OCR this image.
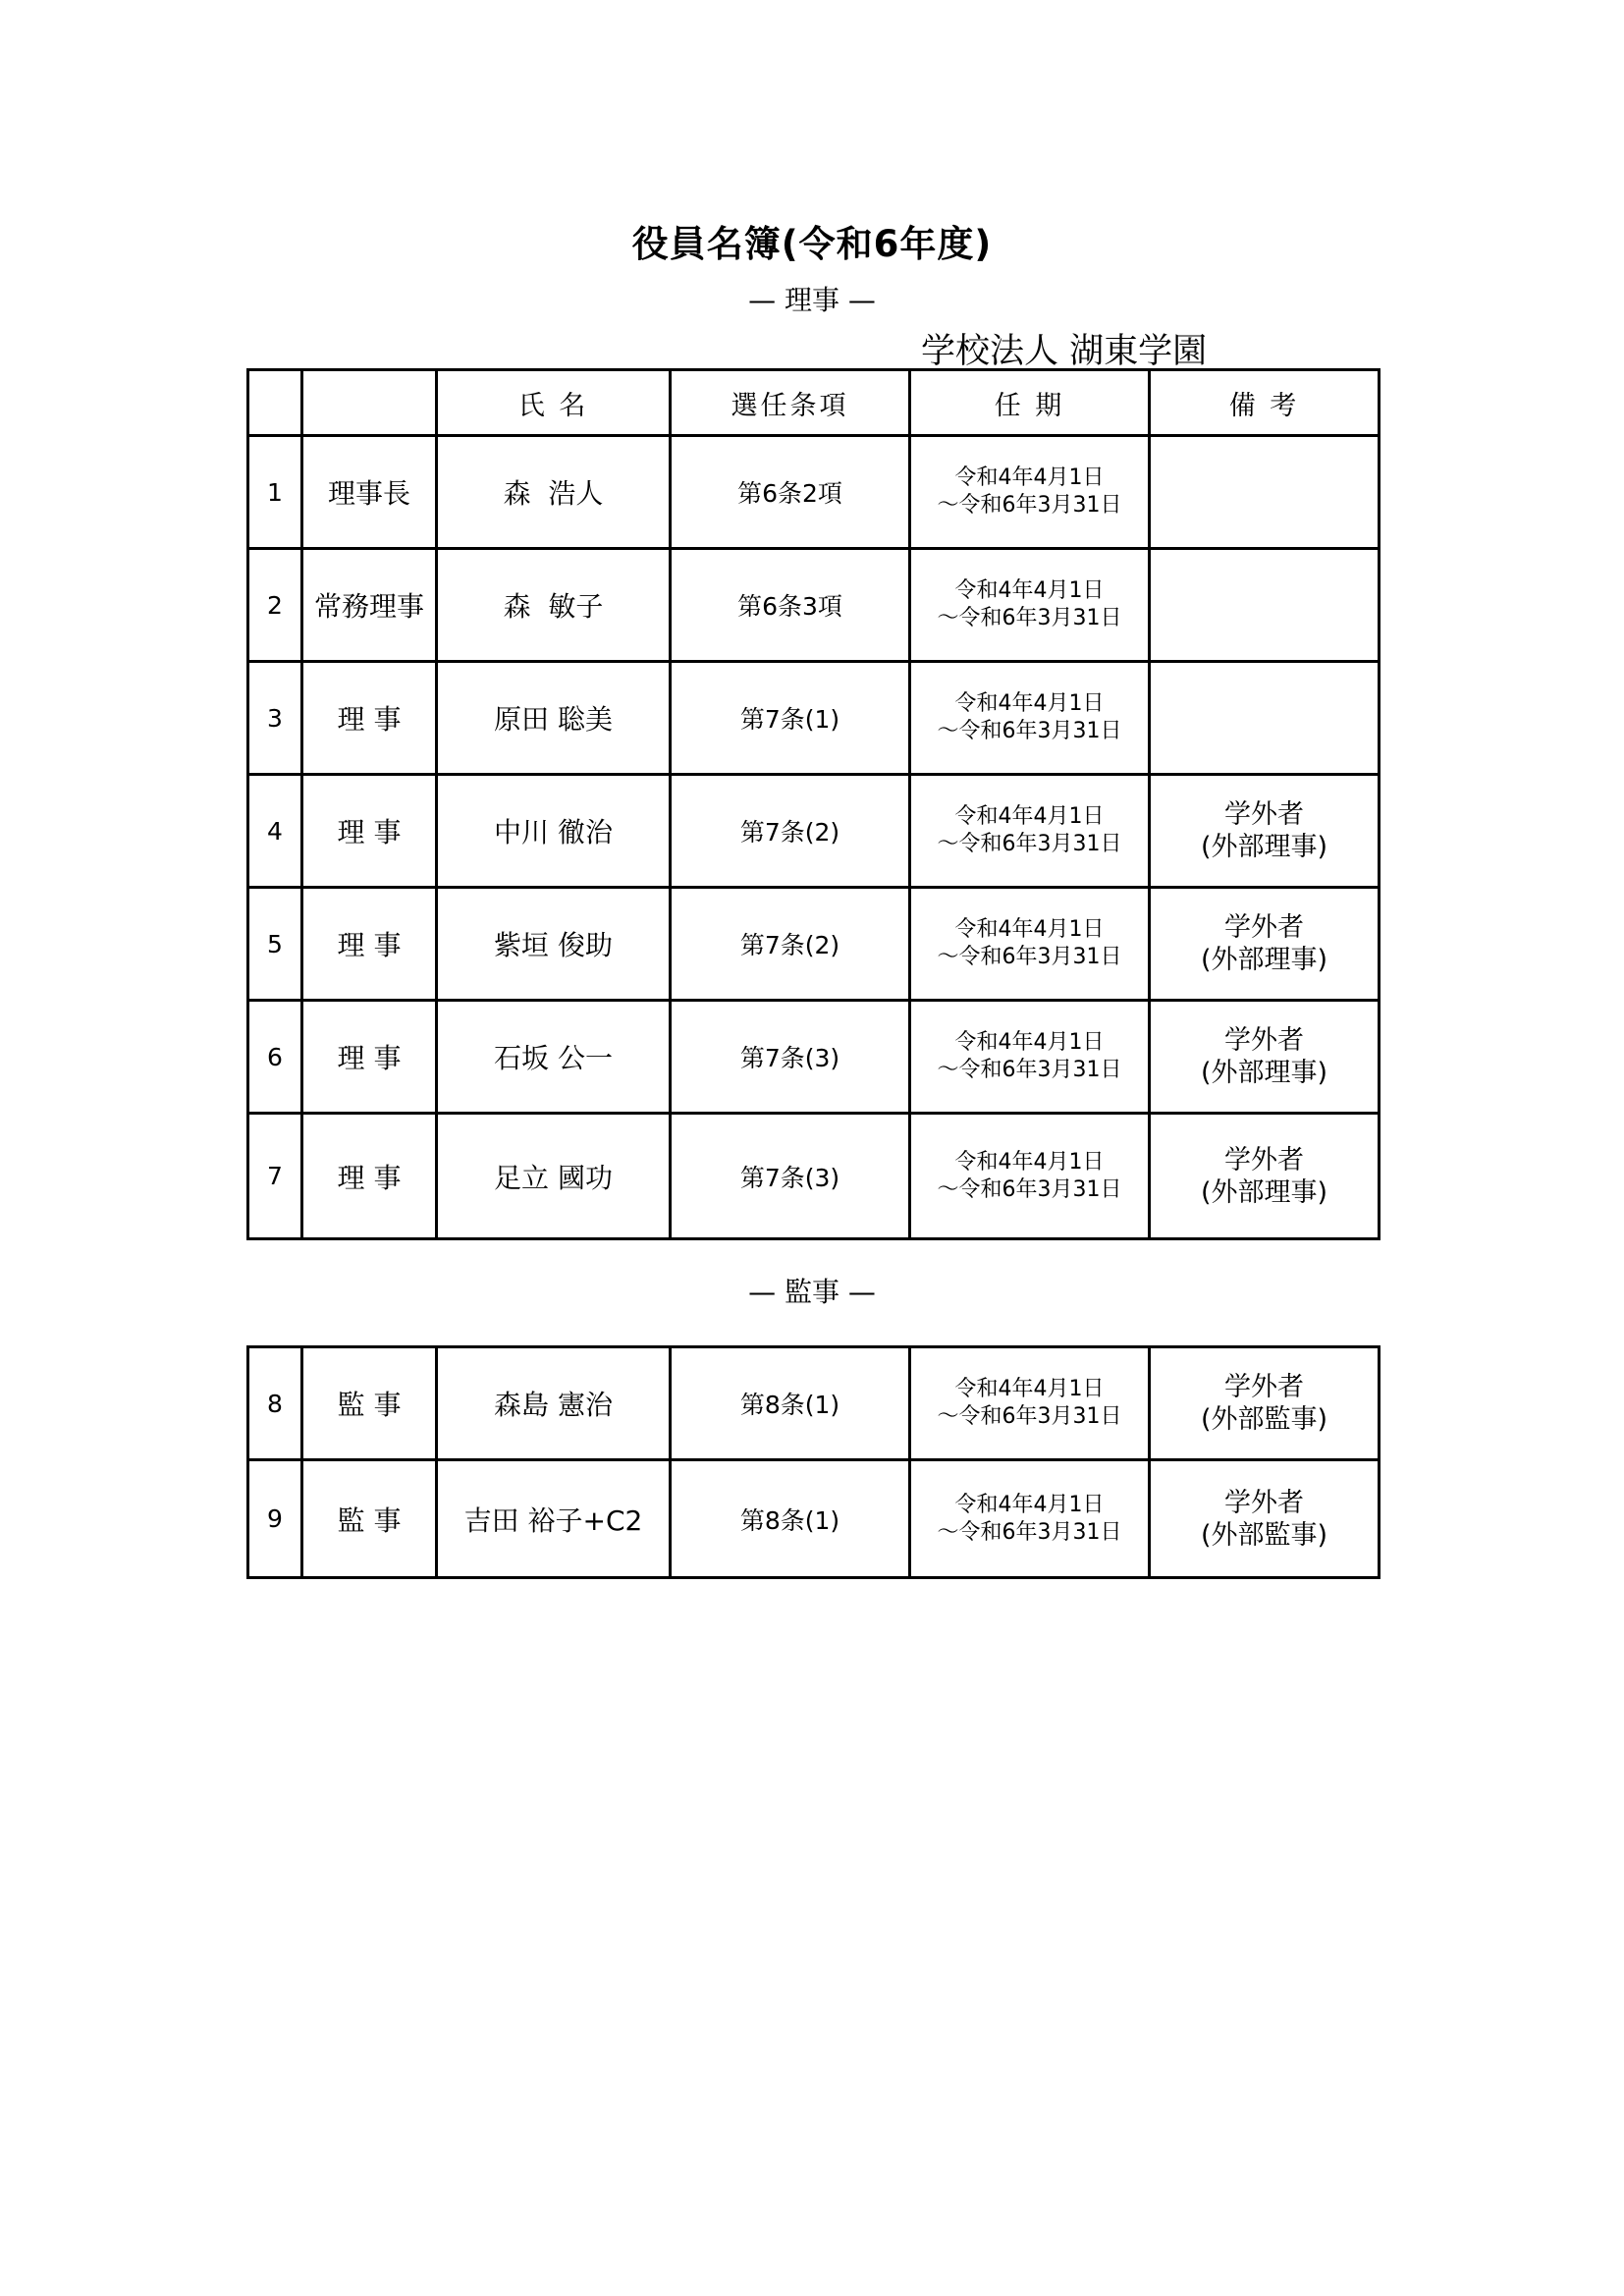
役員名簿(令和6年度)
— 理事 —
学校法人 湖東学園
		氏 名	選任条項	任 期	備 考
1	理事長	森  浩人	第6条2項	令和4年4月1日
～令和6年3月31日	

2	常務理事	森  敏子	第6条3項	令和4年4月1日
～令和6年3月31日	

3	理 事	原田 聡美	第7条(1)	令和4年4月1日
～令和6年3月31日	

4	理 事	中川 徹治	第7条(2)	令和4年4月1日
～令和6年3月31日	学外者
(外部理事)

5	理 事	紫垣 俊助	第7条(2)	令和4年4月1日
～令和6年3月31日	学外者
(外部理事)

6	理 事	石坂 公一	第7条(3)	令和4年4月1日
～令和6年3月31日	学外者
(外部理事)

7	理 事	足立 國功	第7条(3)	令和4年4月1日
～令和6年3月31日	学外者
(外部理事)
— 監事 —
8	監 事	森島 憲治	第8条(1)	令和4年4月1日
～令和6年3月31日	学外者
(外部監事)

9	監 事	吉田 裕子+C2	第8条(1)	令和4年4月1日
～令和6年3月31日	学外者
(外部監事)
